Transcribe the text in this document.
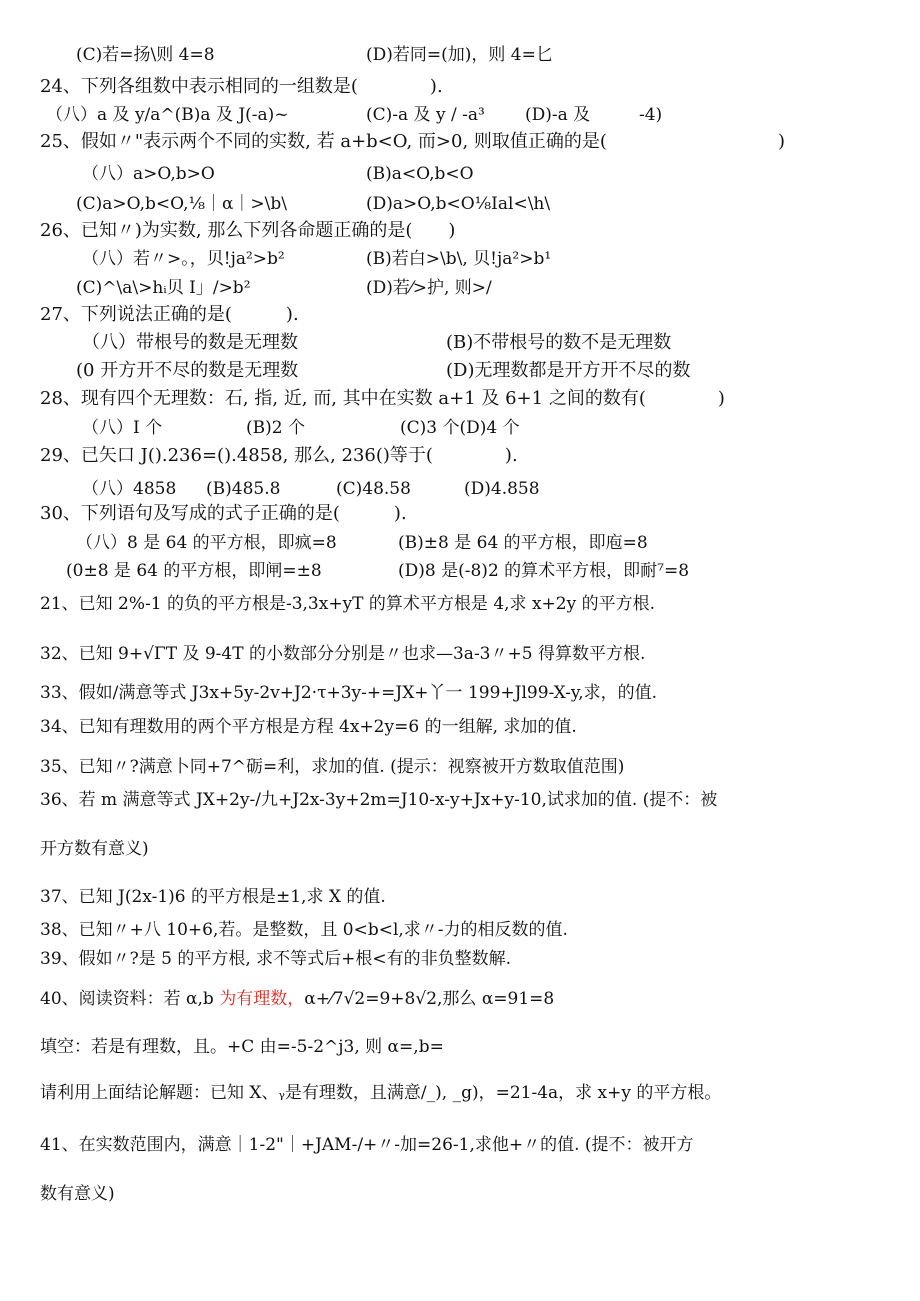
(C)若=扬\则 4=8	(D)若同=(加)，则 4=匕
24、下列各组数中表示相同的一组数是(　　　　).
（八）a 及 y/a^(B)a 及 J(-a)~	(C)-a 及 y / -a³ (D)-a 及	-4)
25、假如〃"表示两个不同的实数, 若 a+b<O, 而>0, 则取值正确的是(	)
（八）a>O,b>O	(B)a<O,b<O
(C)a>O,b<O,⅛｜α｜>\b\	(D)a>O,b<O⅛Ial<\h\
26、已知〃)为实数, 那么下列各命题正确的是(　　)
（八）若〃>。，贝!ja²>b²	(B)若白>\b\, 贝!ja²>b¹
(C)^\a\>hᵢ贝 I」/>b²	(D)若⁄>护, 则>/
27、下列说法正确的是(　　　).
（八）带根号的数是无理数	(B)不带根号的数不是无理数
(0 开方开不尽的数是无理数	(D)无理数都是开方开不尽的数
28、现有四个无理数：石, 指, 近, 而, 其中在实数 a+1 及 6+1 之间的数有(　　　　)
（八）I 个	(B)2 个	(C)3 个(D)4 个
29、已矢口 J().236=().4858, 那么, 236()等于(　　　　).
（八）4858 (B)485.8	(C)48.58	(D)4.858
30、下列语句及写成的式子正确的是(　　　).
（八）8 是 64 的平方根，即疯=8	(B)±8 是 64 的平方根，即庖=8
(0±8 是 64 的平方根，即闸=±8	(D)8 是(-8)2 的算术平方根，即耐⁷=8
21、已知 2%-1 的负的平方根是-3,3x+yT 的算术平方根是 4,求 x+2y 的平方根.
32、已知 9+√ΓT 及 9-4T 的小数部分分别是〃也求—3a-3〃+5 得算数平方根.
33、假如/满意等式 J3x+5y-2v+J2·τ+3y-+=JX+丫一 199+Jl99-X-y,求，的值.
34、已知有理数用的两个平方根是方程 4x+2y=6 的一组解, 求加的值.
35、已知〃?满意卜同+7^砺=利，求加的值. (提示：视察被开方数取值范围)
36、若 m 满意等式 JX+2y-/九+J2x-3y+2m=J10-x-y+Jx+y-10,试求加的值. (提不：被
开方数有意义)
37、已知 J(2x-1)6 的平方根是±1,求 X 的值.
38、已知〃+八 10+6,若。是整数，且 0<b<l,求〃-力的相反数的值.
39、假如〃?是 5 的平方根, 求不等式后+根<有的非负整数解.
40、阅读资料：若 α,b 为有理数，α+⁄7√2=9+8√2,那么 α=91=8
填空：若是有理数，且。+C 由=-5-2^j3, 则 α=,b=
请利用上面结论解题：已知 X、ᵧ是有理数，且满意/_), _g)，=21-4a，求 x+y 的平方根。
41、在实数范围内，满意｜1-2"｜+JAM-/+〃-加=26-1,求他+〃的值. (提不：被开方
数有意义)
